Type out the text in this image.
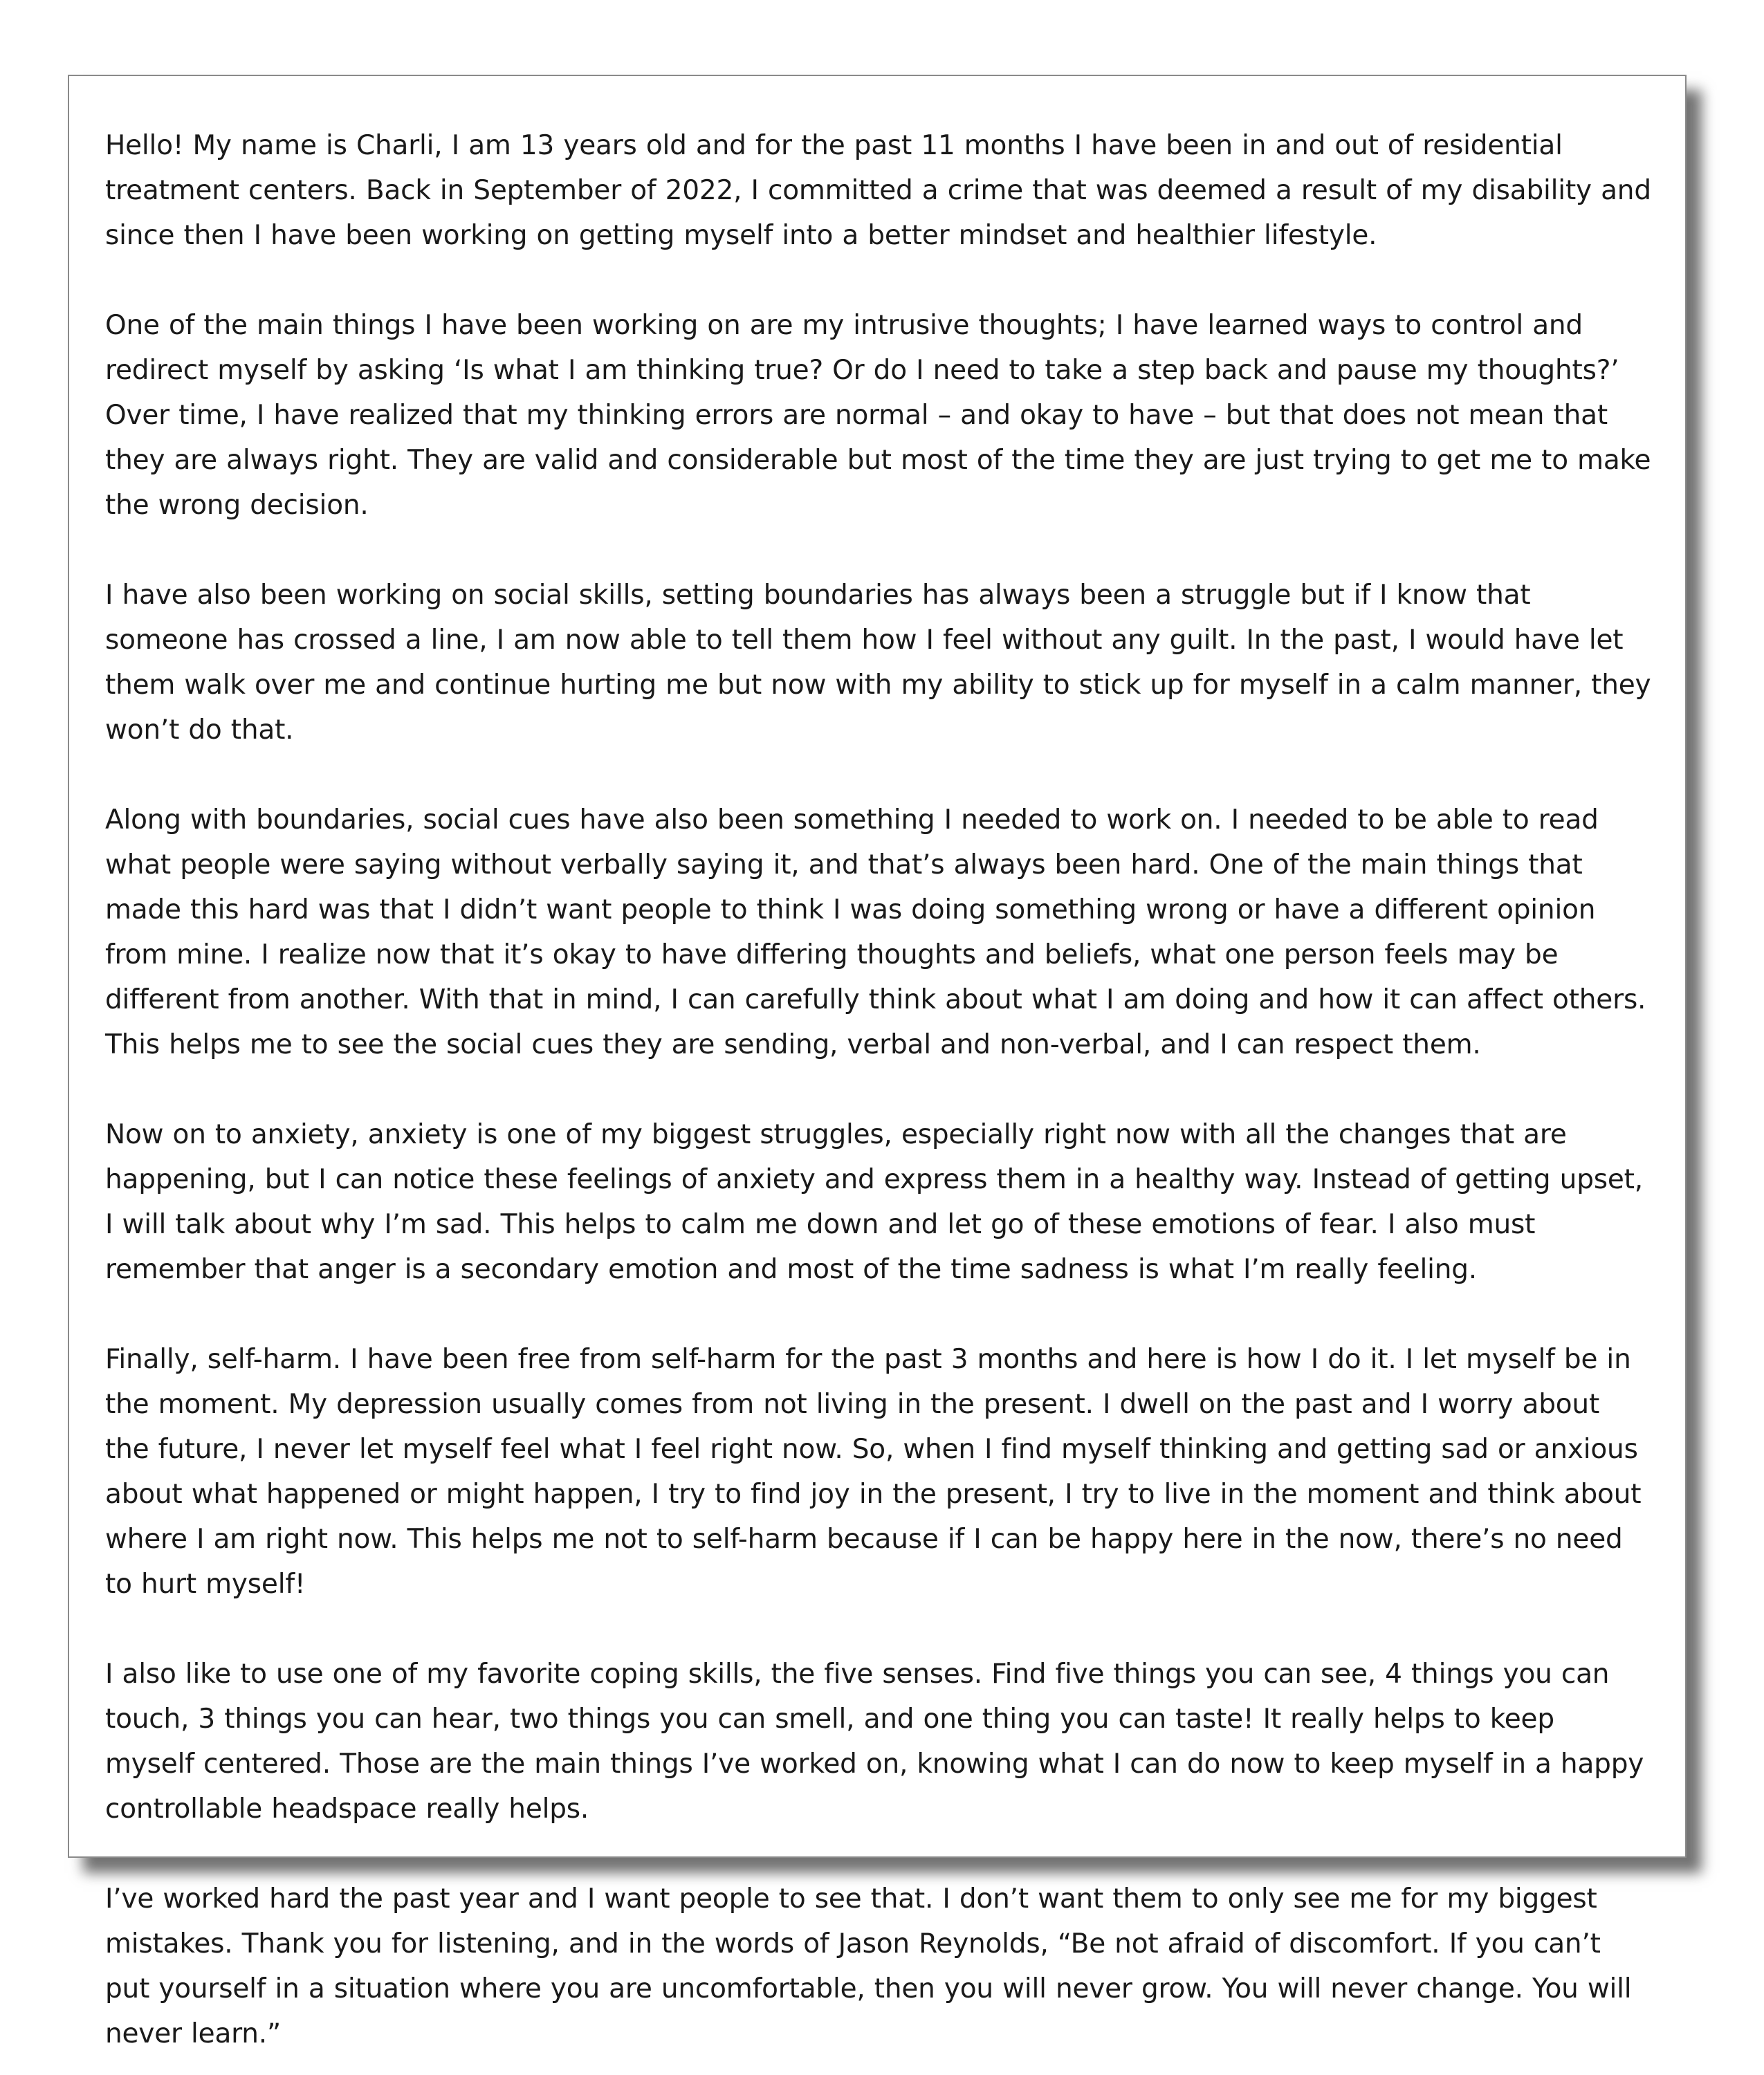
Hello! My name is Charli, I am 13 years old and for the past 11 months I have been in and out of residential treatment centers. Back in September of 2022, I committed a crime that was deemed a result of my disability and since then I have been working on getting myself into a better mindset and healthier lifestyle.

One of the main things I have been working on are my intrusive thoughts; I have learned ways to control and redirect myself by asking ‘Is what I am thinking true? Or do I need to take a step back and pause my thoughts?’ Over time, I have realized that my thinking errors are normal – and okay to have – but that does not mean that they are always right. They are valid and considerable but most of the time they are just trying to get me to make the wrong decision.

I have also been working on social skills, setting boundaries has always been a struggle but if I know that someone has crossed a line, I am now able to tell them how I feel without any guilt. In the past, I would have let them walk over me and continue hurting me but now with my ability to stick up for myself in a calm manner, they won’t do that.

Along with boundaries, social cues have also been something I needed to work on. I needed to be able to read what people were saying without verbally saying it, and that’s always been hard. One of the main things that made this hard was that I didn’t want people to think I was doing something wrong or have a different opinion from mine. I realize now that it’s okay to have differing thoughts and beliefs, what one person feels may be different from another. With that in mind, I can carefully think about what I am doing and how it can affect others. This helps me to see the social cues they are sending, verbal and non-verbal, and I can respect them.

Now on to anxiety, anxiety is one of my biggest struggles, especially right now with all the changes that are happening, but I can notice these feelings of anxiety and express them in a healthy way. Instead of getting upset, I will talk about why I’m sad. This helps to calm me down and let go of these emotions of fear. I also must remember that anger is a secondary emotion and most of the time sadness is what I’m really feeling.

Finally, self-harm. I have been free from self-harm for the past 3 months and here is how I do it. I let myself be in the moment. My depression usually comes from not living in the present. I dwell on the past and I worry about the future, I never let myself feel what I feel right now. So, when I find myself thinking and getting sad or anxious about what happened or might happen, I try to find joy in the present, I try to live in the moment and think about where I am right now. This helps me not to self-harm because if I can be happy here in the now, there’s no need to hurt myself!

I also like to use one of my favorite coping skills, the five senses. Find five things you can see, 4 things you can touch, 3 things you can hear, two things you can smell, and one thing you can taste! It really helps to keep myself centered. Those are the main things I’ve worked on, knowing what I can do now to keep myself in a happy controllable headspace really helps.

I’ve worked hard the past year and I want people to see that. I don’t want them to only see me for my biggest mistakes. Thank you for listening, and in the words of Jason Reynolds, “Be not afraid of discomfort. If you can’t put yourself in a situation where you are uncomfortable, then you will never grow. You will never change. You will never learn.”
